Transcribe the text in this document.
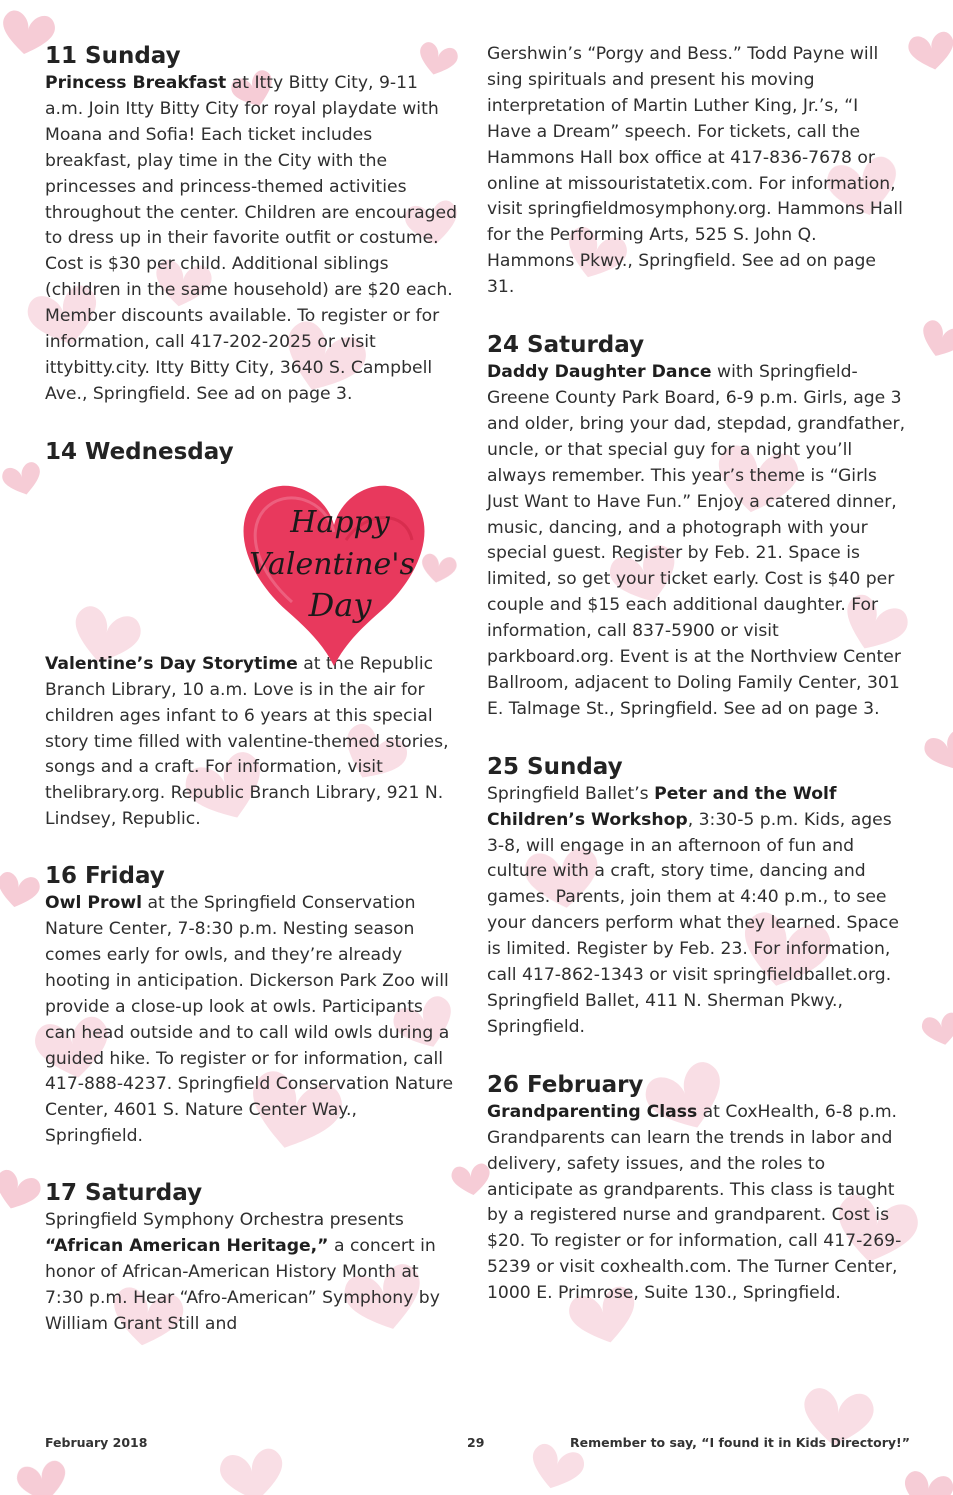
11 Sunday

Princess Breakfast at Itty Bitty City, 9-11 a.m. Join Itty Bitty City for royal playdate with Moana and Sofia! Each ticket includes breakfast, play time in the City with the princesses and princess-themed activities throughout the center. Children are encouraged to dress up in their favorite outfit or costume. Cost is $30 per child. Additional siblings (children in the same household) are $20 each. Member discounts available. To register or for information, call 417-202-2025 or visit ittybitty.city. Itty Bitty City, 3640 S. Campbell Ave., Springfield. See ad on page 3.

14 Wednesday

Valentine’s Day Storytime at the Republic Branch Library, 10 a.m. Love is in the air for children ages infant to 6 years at this special story time filled with valentine-themed stories, songs and a craft. For information, visit thelibrary.org. Republic Branch Library, 921 N. Lindsey, Republic.

16 Friday

Owl Prowl at the Springfield Conservation Nature Center, 7-8:30 p.m. Nesting season comes early for owls, and they’re already hooting in anticipation. Dickerson Park Zoo will provide a close-up look at owls. Participants can head outside and to call wild owls during a guided hike. To register or for information, call 417-888-4237. Springfield Conservation Nature Center, 4601 S. Nature Center Way., Springfield.

17 Saturday

Springfield Symphony Orchestra presents “African American Heritage,” a concert in honor of African-American History Month at 7:30 p.m. Hear “Afro-American” Symphony by William Grant Still and

Happy
Valentine's
Day

Gershwin’s “Porgy and Bess.” Todd Payne will sing spirituals and present his moving interpretation of Martin Luther King, Jr.’s, “I Have a Dream” speech. For tickets, call the Hammons Hall box office at 417-836-7678 or online at missouristatetix.com. For information, visit springfieldmosymphony.org. Hammons Hall for the Performing Arts, 525 S. John Q. Hammons Pkwy., Springfield. See ad on page 31.

24 Saturday

Daddy Daughter Dance with Springfield-Greene County Park Board, 6-9 p.m. Girls, age 3 and older, bring your dad, stepdad, grandfather, uncle, or that special guy for a night you’ll always remember. This year’s theme is “Girls Just Want to Have Fun.” Enjoy a catered dinner, music, dancing, and a photograph with your special guest. Register by Feb. 21. Space is limited, so get your ticket early. Cost is $40 per couple and $15 each additional daughter. For information, call 837-5900 or visit parkboard.org. Event is at the Northview Center Ballroom, adjacent to Doling Family Center, 301 E. Talmage St., Springfield. See ad on page 3.

25 Sunday

Springfield Ballet’s Peter and the Wolf Children’s Workshop, 3:30-5 p.m. Kids, ages 3-8, will engage in an afternoon of fun and culture with a craft, story time, dancing and games. Parents, join them at 4:40 p.m., to see your dancers perform what they learned. Space is limited. Register by Feb. 23. For information, call 417-862-1343 or visit springfieldballet.org. Springfield Ballet, 411 N. Sherman Pkwy., Springfield.

26 February

Grandparenting Class at CoxHealth, 6-8 p.m. Grandparents can learn the trends in labor and delivery, safety issues, and the roles to anticipate as grandparents. This class is taught by a registered nurse and grandparent. Cost is $20. To register or for information, call 417-269-5239 or visit coxhealth.com. The Turner Center, 1000 E. Primrose, Suite 130., Springfield.

February 2018	29	Remember to say, “I found it in Kids Directory!”
